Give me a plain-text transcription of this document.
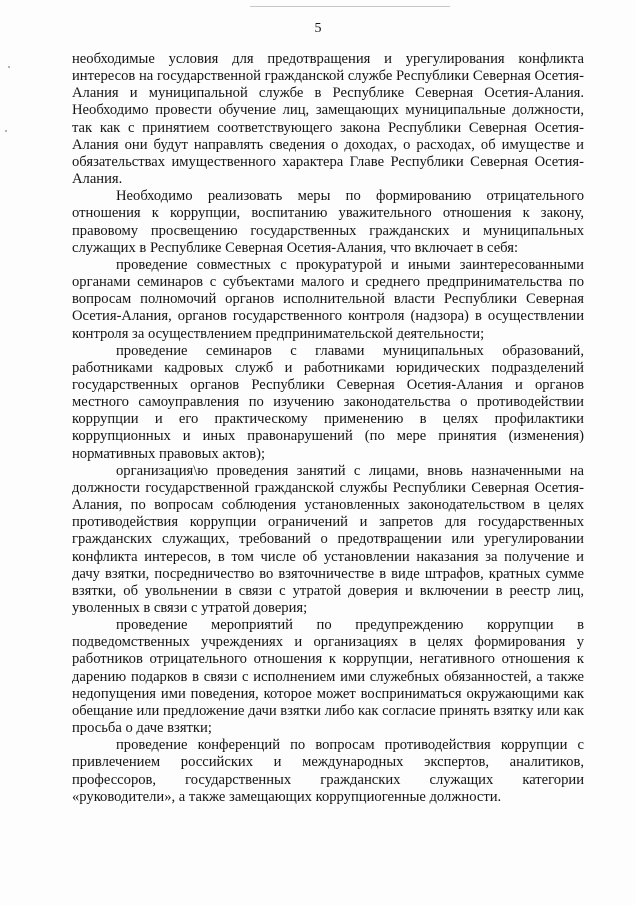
5

необходимые условия для предотвращения и урегулирования конфликта интересов на государственной гражданской службе Республики Северная Осетия-Алания и муниципальной службе в Республике Северная Осетия-Алания. Необходимо провести обучение лиц, замещающих муниципальные должности, так как с принятием соответствующего закона Республики Северная Осетия-Алания они будут направлять сведения о доходах, о расходах, об имуществе и обязательствах имущественного характера Главе Республики Северная Осетия-Алания.

Необходимо реализовать меры по формированию отрицательного отношения к коррупции, воспитанию уважительного отношения к закону, правовому просвещению государственных гражданских и муниципальных служащих в Республике Северная Осетия-Алания, что включает в себя:

проведение совместных с прокуратурой и иными заинтересованными органами семинаров с субъектами малого и среднего предпринимательства по вопросам полномочий органов исполнительной власти Республики Северная Осетия-Алания, органов государственного контроля (надзора) в осуществлении контроля за осуществлением предпринимательской деятельности;

проведение семинаров с главами муниципальных образований, работниками кадровых служб и работниками юридических подразделений государственных органов Республики Северная Осетия-Алания и органов местного самоуправления по изучению законодательства о противодействии коррупции и его практическому применению в целях профилактики коррупционных и иных правонарушений (по мере принятия (изменения) нормативных правовых актов);

организация\ю проведения занятий с лицами, вновь назначенными на должности государственной гражданской службы Республики Северная Осетия-Алания, по вопросам соблюдения установленных законодательством в целях противодействия коррупции ограничений и запретов для государственных гражданских служащих, требований о предотвращении или урегулировании конфликта интересов, в том числе об установлении наказания за получение и дачу взятки, посредничество во взяточничестве в виде штрафов, кратных сумме взятки, об увольнении в связи с утратой доверия и включении в реестр лиц, уволенных в связи с утратой доверия;

проведение мероприятий по предупреждению коррупции в подведомственных учреждениях и организациях в целях формирования у работников отрицательного отношения к коррупции, негативного отношения к дарению подарков в связи с исполнением ими служебных обязанностей, а также недопущения ими поведения, которое может восприниматься окружающими как обещание или предложение дачи взятки либо как согласие принять взятку или как просьба о даче взятки;

проведение конференций по вопросам противодействия коррупции с привлечением российских и международных экспертов, аналитиков, профессоров, государственных гражданских служащих категории «руководители», а также замещающих коррупциогенные должности.
